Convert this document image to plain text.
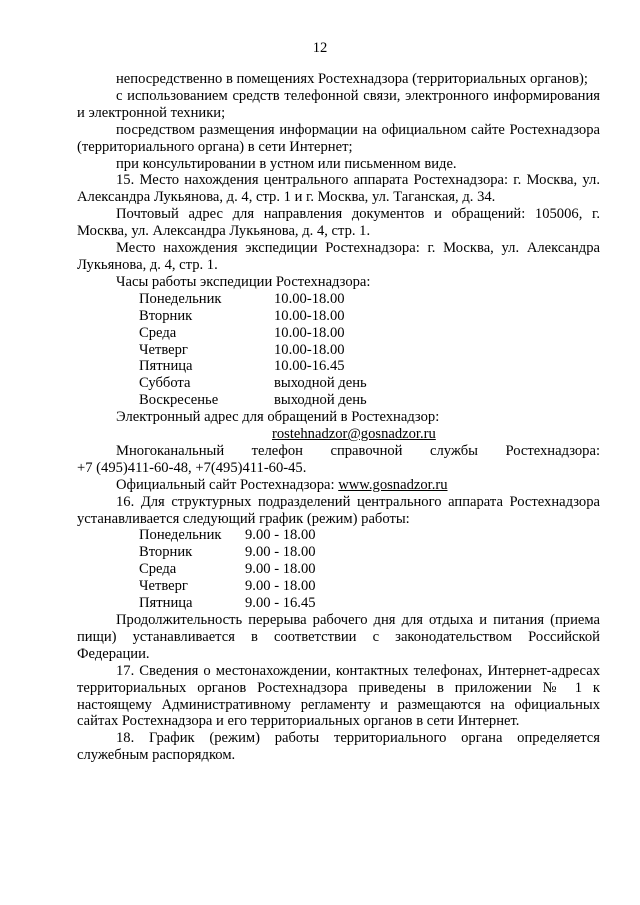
12

непосредственно в помещениях Ростехнадзора (территориальных органов);

с использованием средств телефонной связи, электронного информирования и электронной техники;

посредством размещения информации на официальном сайте Ростехнадзора (территориального органа) в сети Интернет;

при консультировании в устном или письменном виде.

15. Место нахождения центрального аппарата Ростехнадзора: г. Москва, ул. Александра Лукьянова, д. 4, стр. 1 и г. Москва, ул. Таганская, д. 34.

Почтовый адрес для направления документов и обращений: 105006, г. Москва, ул. Александра Лукьянова, д. 4, стр. 1.

Место нахождения экспедиции Ростехнадзора: г. Москва, ул. Александра Лукьянова, д. 4, стр. 1.

Часы работы экспедиции Ростехнадзора:

Понедельник	10.00-18.00
Вторник	10.00-18.00
Среда	10.00-18.00
Четверг	10.00-18.00
Пятница	10.00-16.45
Суббота	выходной день
Воскресенье	выходной день

Электронный адрес для обращений в Ростехнадзор:

rostehnadzor@gosnadzor.ru

Многоканальный телефон справочной службы Ростехнадзора:

+7 (495)411-60-48, +7(495)411-60-45.

Официальный сайт Ростехнадзора: www.gosnadzor.ru

16. Для структурных подразделений центрального аппарата Ростехнадзора устанавливается следующий график (режим) работы:

Понедельник	9.00 - 18.00
Вторник	9.00 - 18.00
Среда	9.00 - 18.00
Четверг	9.00 - 18.00
Пятница	9.00 - 16.45

Продолжительность перерыва рабочего дня для отдыха и питания (приема пищи) устанавливается в соответствии с законодательством Российской Федерации.

17. Сведения о местонахождении, контактных телефонах, Интернет-адресах территориальных органов Ростехнадзора приведены в приложении № 1 к настоящему Административному регламенту и размещаются на официальных сайтах Ростехнадзора и его территориальных органов в сети Интернет.

18. График (режим) работы территориального органа определяется служебным распорядком.
